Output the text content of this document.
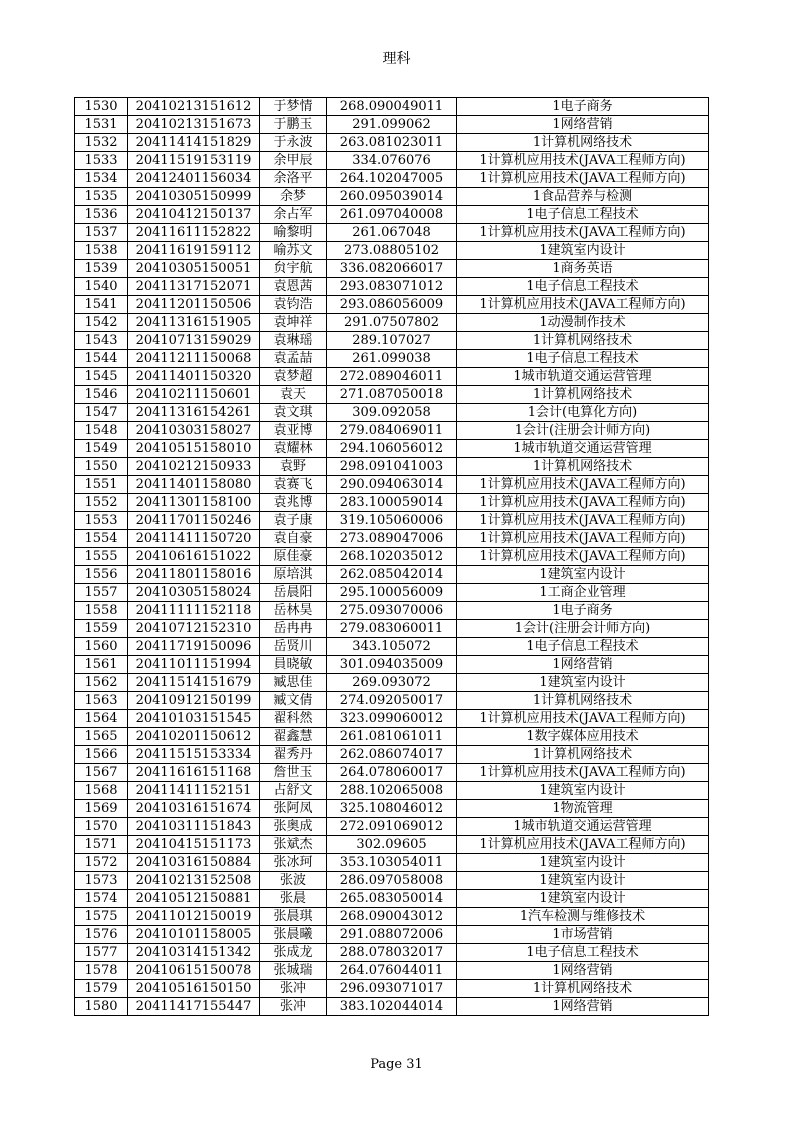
理科
1530	20410213151612	于梦情	268.090049011	1电子商务
1531	20410213151673	于鹏玉	291.099062	1网络营销
1532	20411414151829	于永波	263.081023011	1计算机网络技术
1533	20411519153119	余甲辰	334.076076	1计算机应用技术(JAVA工程师方向)
1534	20412401156034	余洛平	264.102047005	1计算机应用技术(JAVA工程师方向)
1535	20410305150999	余梦	260.095039014	1食品营养与检测
1536	20410412150137	余占军	261.097040008	1电子信息工程技术
1537	20411611152822	喻黎明	261.067048	1计算机应用技术(JAVA工程师方向)
1538	20411619159112	喻苏文	273.08805102	1建筑室内设计
1539	20410305150051	贠宇航	336.082066017	1商务英语
1540	20411317152071	袁恩茜	293.083071012	1电子信息工程技术
1541	20411201150506	袁钧浩	293.086056009	1计算机应用技术(JAVA工程师方向)
1542	20411316151905	袁坤祥	291.07507802	1动漫制作技术
1543	20410713159029	袁琳瑶	289.107027	1计算机网络技术
1544	20411211150068	袁孟喆	261.099038	1电子信息工程技术
1545	20411401150320	袁梦超	272.089046011	1城市轨道交通运营管理
1546	20410211150601	袁天	271.087050018	1计算机网络技术
1547	20411316154261	袁文琪	309.092058	1会计(电算化方向)
1548	20410303158027	袁亚博	279.084069011	1会计(注册会计师方向)
1549	20410515158010	袁耀林	294.106056012	1城市轨道交通运营管理
1550	20410212150933	袁野	298.091041003	1计算机网络技术
1551	20411401158080	袁赛飞	290.094063014	1计算机应用技术(JAVA工程师方向)
1552	20411301158100	袁兆博	283.100059014	1计算机应用技术(JAVA工程师方向)
1553	20411701150246	袁子康	319.105060006	1计算机应用技术(JAVA工程师方向)
1554	20411411150720	袁自豪	273.089047006	1计算机应用技术(JAVA工程师方向)
1555	20410616151022	原佳豪	268.102035012	1计算机应用技术(JAVA工程师方向)
1556	20411801158016	原培淇	262.085042014	1建筑室内设计
1557	20410305158024	岳晨阳	295.100056009	1工商企业管理
1558	20411111152118	岳林昊	275.093070006	1电子商务
1559	20410712152310	岳冉冉	279.083060011	1会计(注册会计师方向)
1560	20411719150096	岳贤川	343.105072	1电子信息工程技术
1561	20411011151994	員晓敏	301.094035009	1网络营销
1562	20411514151679	臧思佳	269.093072	1建筑室内设计
1563	20410912150199	臧文倩	274.092050017	1计算机网络技术
1564	20410103151545	翟科然	323.099060012	1计算机应用技术(JAVA工程师方向)
1565	20410201150612	翟鑫慧	261.081061011	1数字媒体应用技术
1566	20411515153334	翟秀丹	262.086074017	1计算机网络技术
1567	20411616151168	詹世玉	264.078060017	1计算机应用技术(JAVA工程师方向)
1568	20411411152151	占舒文	288.102065008	1建筑室内设计
1569	20410316151674	张阿凤	325.108046012	1物流管理
1570	20410311151843	张奥成	272.091069012	1城市轨道交通运营管理
1571	20410415151173	张斌杰	302.09605	1计算机应用技术(JAVA工程师方向)
1572	20410316150884	张冰珂	353.103054011	1建筑室内设计
1573	20410213152508	张波	286.097058008	1建筑室内设计
1574	20410512150881	张晨	265.083050014	1建筑室内设计
1575	20411012150019	张晨琪	268.090043012	1汽车检测与维修技术
1576	20410101158005	张晨曦	291.088072006	1市场营销
1577	20410314151342	张成龙	288.078032017	1电子信息工程技术
1578	20410615150078	张城瑞	264.076044011	1网络营销
1579	20410516150150	张冲	296.093071017	1计算机网络技术
1580	20411417155447	张冲	383.102044014	1网络营销
Page 31
